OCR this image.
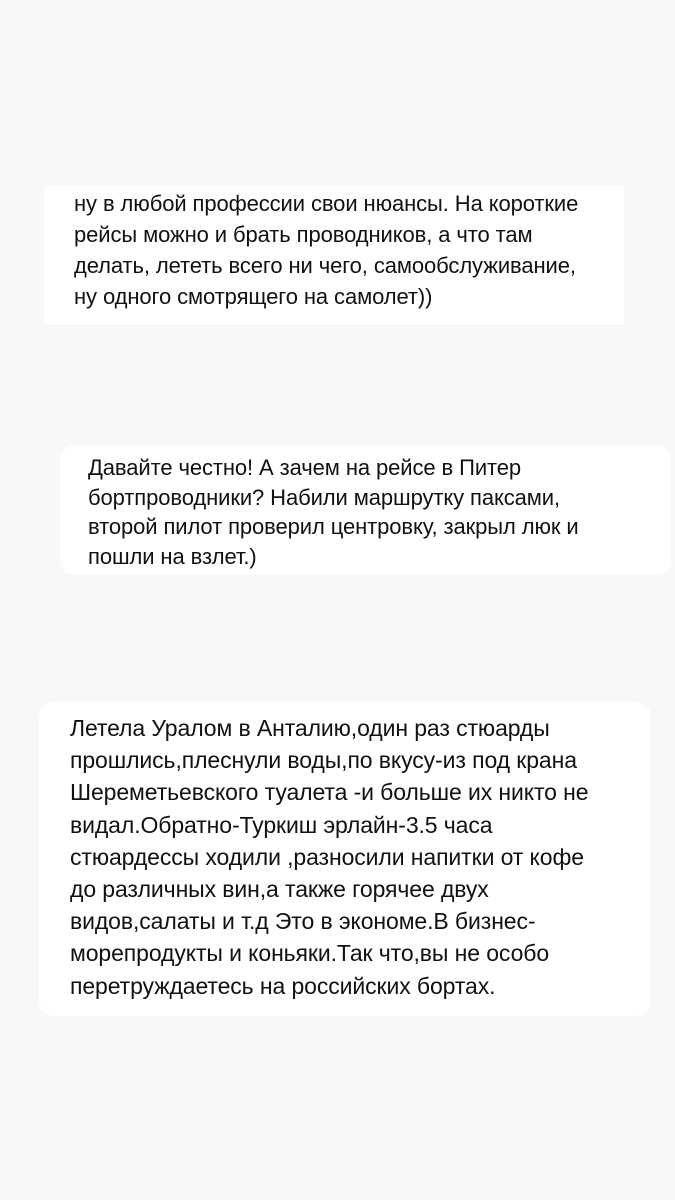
ну в любой профессии свои нюансы. На короткие
рейсы можно и брать проводников, а что там
делать, лететь всего ни чего, самообслуживание,
ну одного смотрящего на самолет))

Давайте честно! А зачем на рейсе в Питер
бортпроводники? Набили маршрутку паксами,
второй пилот проверил центровку, закрыл люк и
пошли на взлет.)

Летела Уралом в Анталию,один раз стюарды
прошлись,плеснули воды,по вкусу-из под крана
Шереметьевского туалета -и больше их никто не
видал.Обратно-Туркиш эрлайн-3.5 часа
стюардессы ходили ,разносили напитки от кофе
до различных вин,а также горячее двух
видов,салаты и т.д Это в экономе.В бизнес-
морепродукты и коньяки.Так что,вы не особо
перетруждаетесь на российских бортах.
